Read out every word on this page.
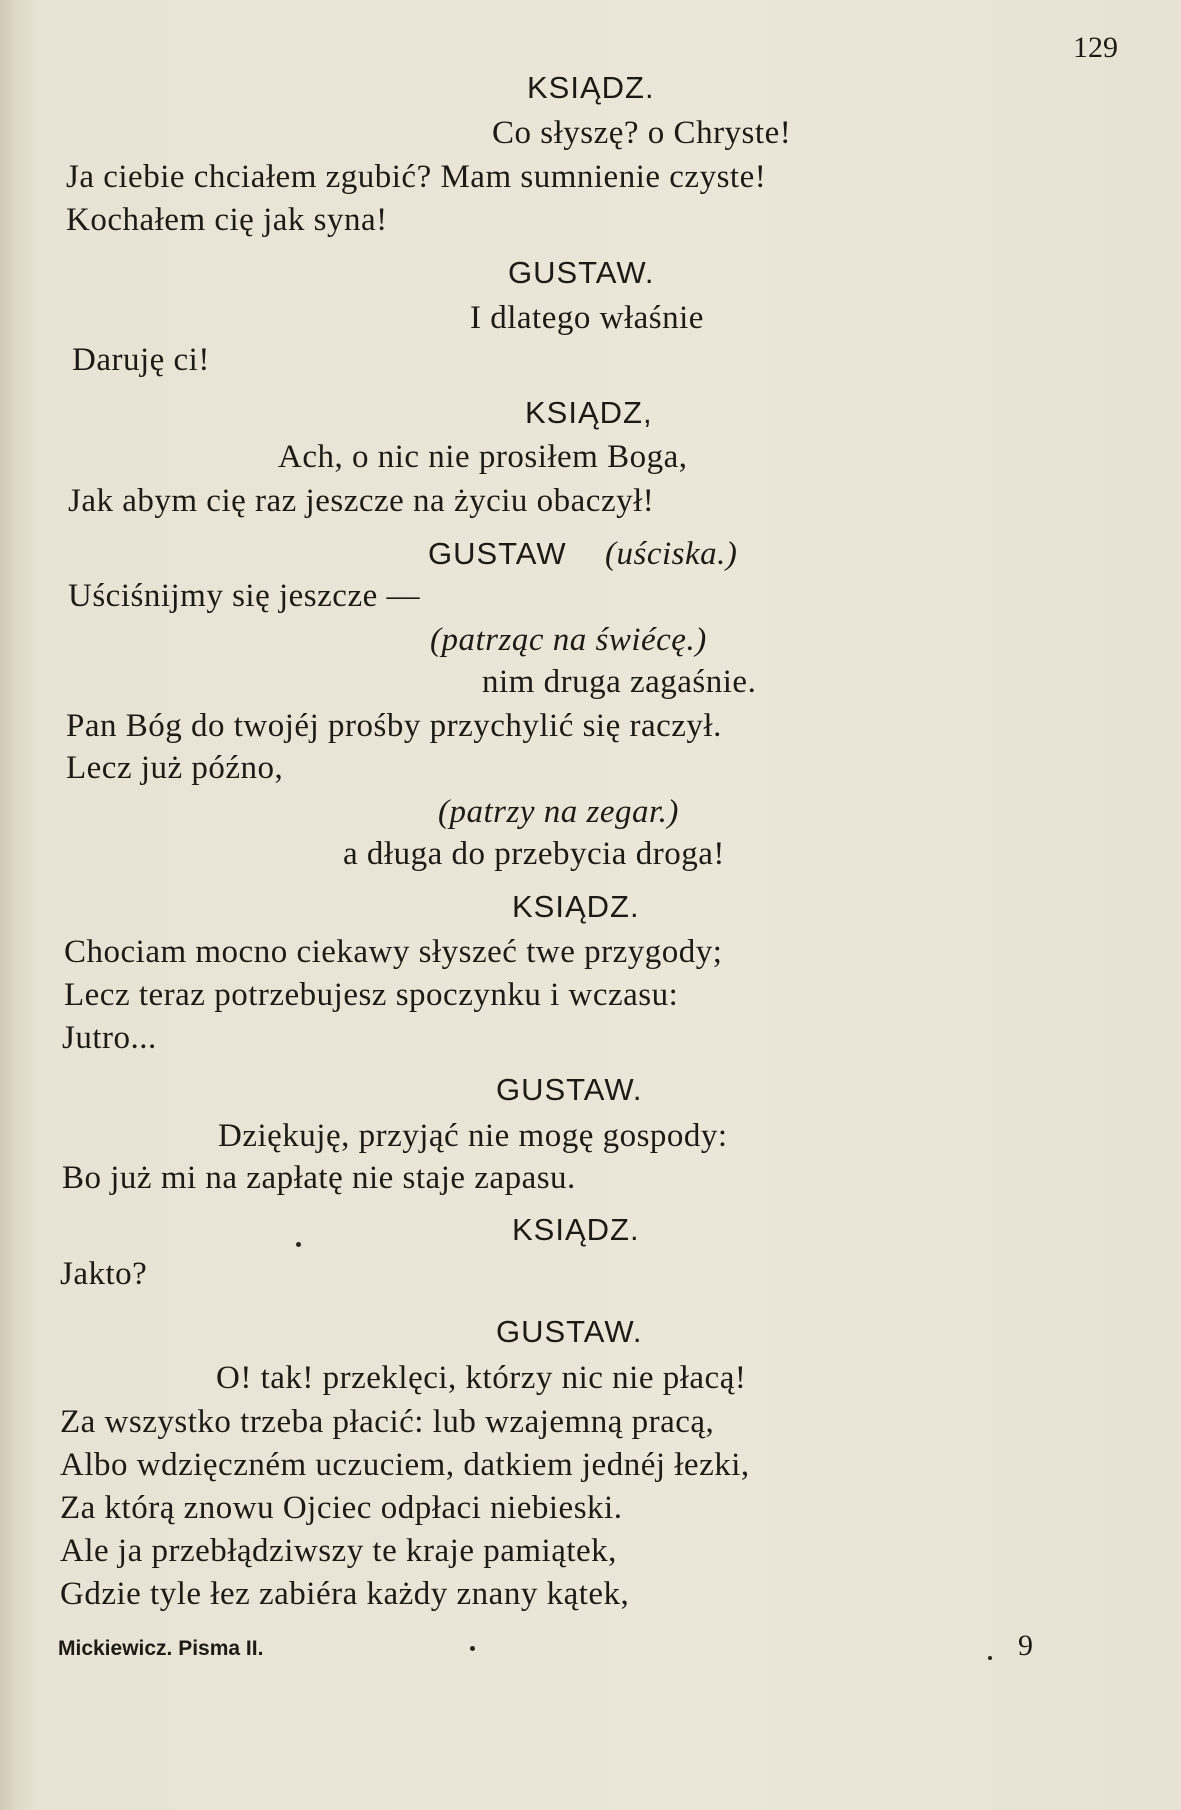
129
KSIĄDZ.
Co słyszę? o Chryste!
Ja ciebie chciałem zgubić? Mam sumnienie czyste!
Kochałem cię jak syna!
GUSTAW.
I dlatego właśnie
Daruję ci!
KSIĄDZ,
Ach, o nic nie prosiłem Boga,
Jak abym cię raz jeszcze na życiu obaczył!
GUSTAW (uściska.)
Uściśnijmy się jeszcze —
(patrząc na świécę.)
nim druga zagaśnie.
Pan Bóg do twojéj prośby przychylić się raczył.
Lecz już późno,
(patrzy na zegar.)
a długa do przebycia droga!
KSIĄDZ.
Chociam mocno ciekawy słyszeć twe przygody;
Lecz teraz potrzebujesz spoczynku i wczasu:
Jutro...
GUSTAW.
Dziękuję, przyjąć nie mogę gospody:
Bo już mi na zapłatę nie staje zapasu.
KSIĄDZ.
Jakto?
GUSTAW.
O! tak! przeklęci, którzy nic nie płacą!
Za wszystko trzeba płacić: lub wzajemną pracą,
Albo wdzięczném uczuciem, datkiem jednéj łezki,
Za którą znowu Ojciec odpłaci niebieski.
Ale ja przebłądziwszy te kraje pamiątek,
Gdzie tyle łez zabiéra każdy znany kątek,
Mickiewicz. Pisma II.	9
